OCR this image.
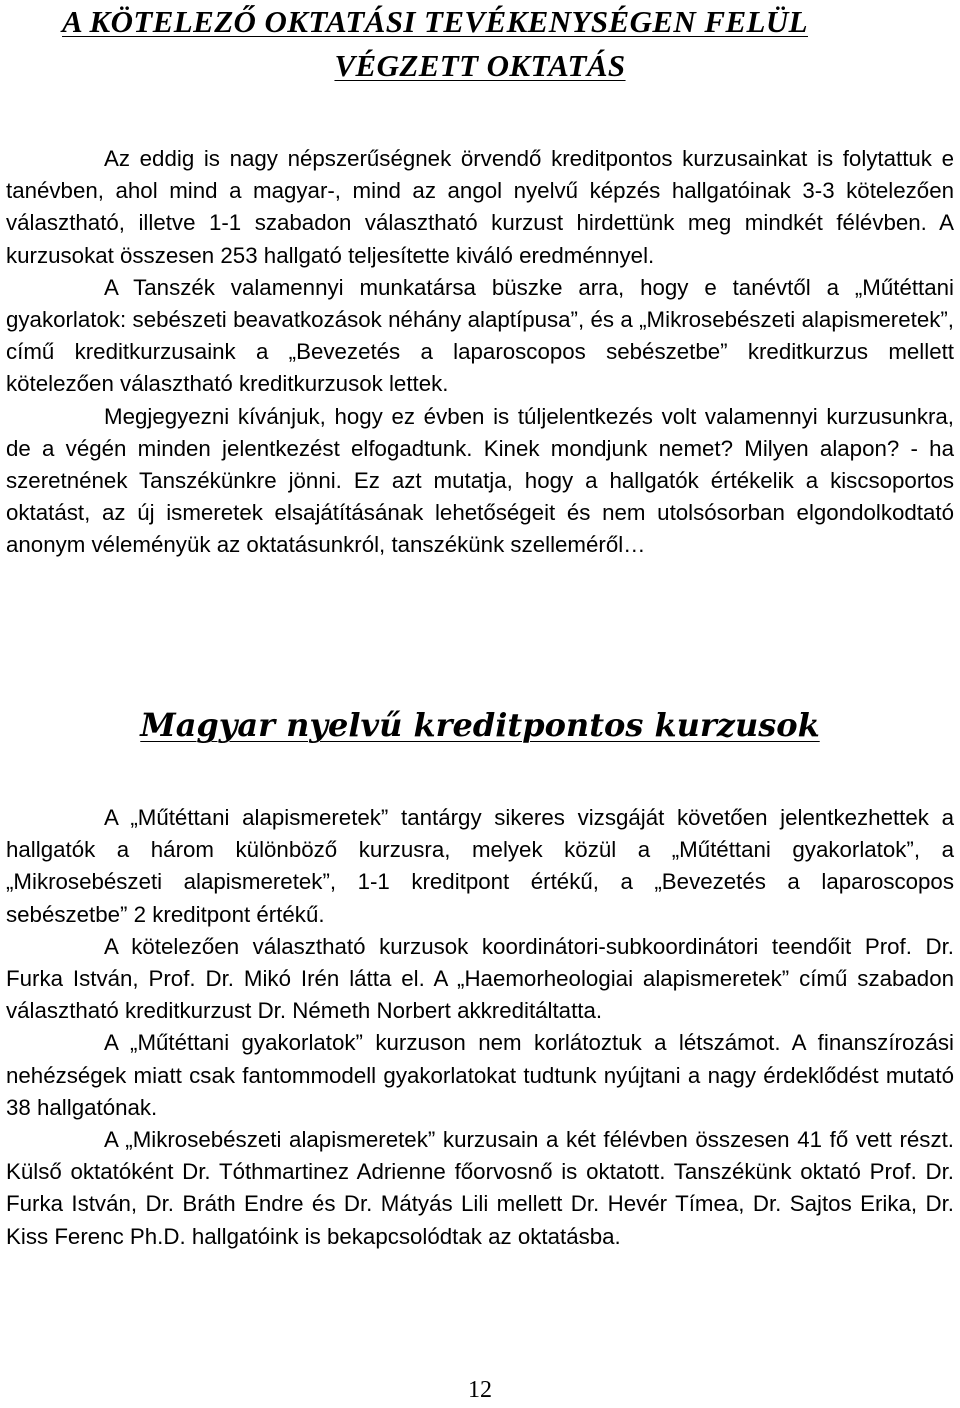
A KÖTELEZŐ OKTATÁSI TEVÉKENYSÉGEN FELÜL
VÉGZETT OKTATÁS

Az eddig is nagy népszerűségnek örvendő kreditpontos kurzusainkat is folytattuk e tanévben, ahol mind a magyar-, mind az angol nyelvű képzés hallgatóinak 3-3 kötelezően választható, illetve 1-1 szabadon választható kurzust hirdettünk meg mindkét félévben. A kurzusokat összesen 253 hallgató teljesítette kiváló eredménnyel.

A Tanszék valamennyi munkatársa büszke arra, hogy e tanévtől a „Műtéttani gyakorlatok: sebészeti beavatkozások néhány alaptípusa”, és a „Mikrosebészeti alapismeretek”, című kreditkurzusaink a „Bevezetés a laparoscopos sebészetbe” kreditkurzus mellett kötelezően választható kreditkurzusok lettek.

Megjegyezni kívánjuk, hogy ez évben is túljelentkezés volt valamennyi kurzusunkra, de a végén minden jelentkezést elfogadtunk. Kinek mondjunk nemet? Milyen alapon? - ha szeretnének Tanszékünkre jönni. Ez azt mutatja, hogy a hallgatók értékelik a kiscsoportos oktatást, az új ismeretek elsajátításának lehetőségeit és nem utolsósorban elgondolkodtató anonym véleményük az oktatásunkról, tanszékünk szelleméről…

Magyar nyelvű kreditpontos kurzusok

A „Műtéttani alapismeretek” tantárgy sikeres vizsgáját követően jelentkezhettek a hallgatók a három különböző kurzusra, melyek közül a „Műtéttani gyakorlatok”, a „Mikrosebészeti alapismeretek”, 1-1 kreditpont értékű, a „Bevezetés a laparoscopos sebészetbe” 2 kreditpont értékű.

A kötelezően választható kurzusok koordinátori-subkoordinátori teendőit Prof. Dr. Furka István, Prof. Dr. Mikó Irén látta el. A „Haemorheologiai alapismeretek” című szabadon választható kreditkurzust Dr. Németh Norbert akkreditáltatta.

A „Műtéttani gyakorlatok” kurzuson nem korlátoztuk a létszámot. A finanszírozási nehézségek miatt csak fantommodell gyakorlatokat tudtunk nyújtani a nagy érdeklődést mutató 38 hallgatónak.

A „Mikrosebészeti alapismeretek” kurzusain a két félévben összesen 41 fő vett részt. Külső oktatóként Dr. Tóthmartinez Adrienne főorvosnő is oktatott. Tanszékünk oktató Prof. Dr. Furka István, Dr. Bráth Endre és Dr. Mátyás Lili mellett Dr. Hevér Tímea, Dr. Sajtos Erika, Dr. Kiss Ferenc Ph.D. hallgatóink is bekapcsolódtak az oktatásba.

12
